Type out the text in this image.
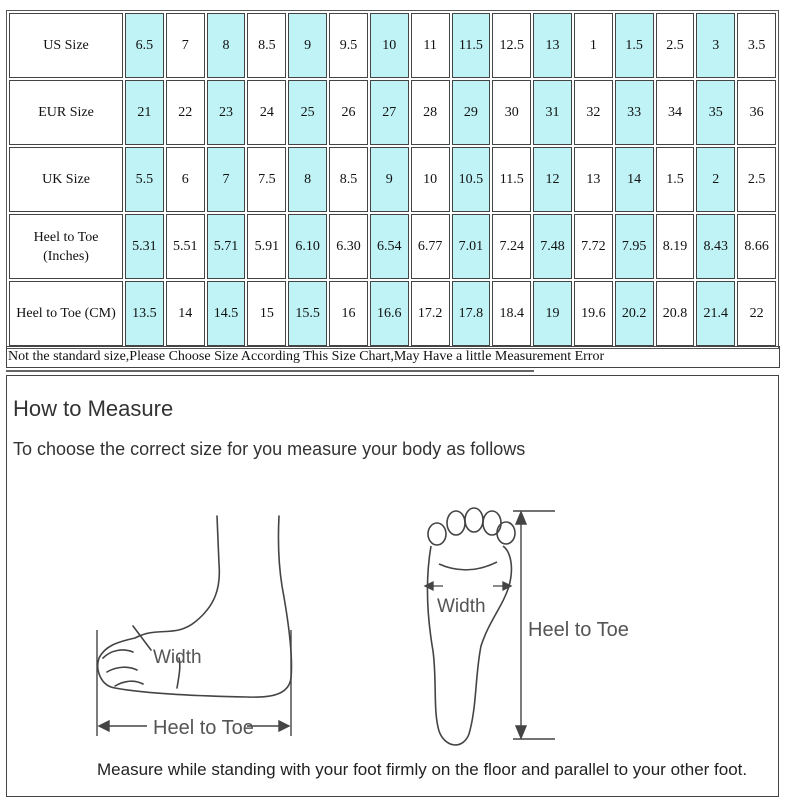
US Size	6.5	7	8	8.5	9	9.5	10	11	11.5	12.5	13	1	1.5	2.5	3	3.5
EUR Size	21	22	23	24	25	26	27	28	29	30	31	32	33	34	35	36
UK Size	5.5	6	7	7.5	8	8.5	9	10	10.5	11.5	12	13	14	1.5	2	2.5
Heel to Toe (Inches)	5.31	5.51	5.71	5.91	6.10	6.30	6.54	6.77	7.01	7.24	7.48	7.72	7.95	8.19	8.43	8.66
Heel to Toe (CM)	13.5	14	14.5	15	15.5	16	16.6	17.2	17.8	18.4	19	19.6	20.2	20.8	21.4	22
Not the standard size,Please Choose Size According This Size Chart,May Have a little Measurement Error
How to Measure
To choose the correct size for you measure your body as follows
Width
Heel to Toe
Width
Heel to Toe
Measure while standing with your foot firmly on the floor and parallel to your other foot.
